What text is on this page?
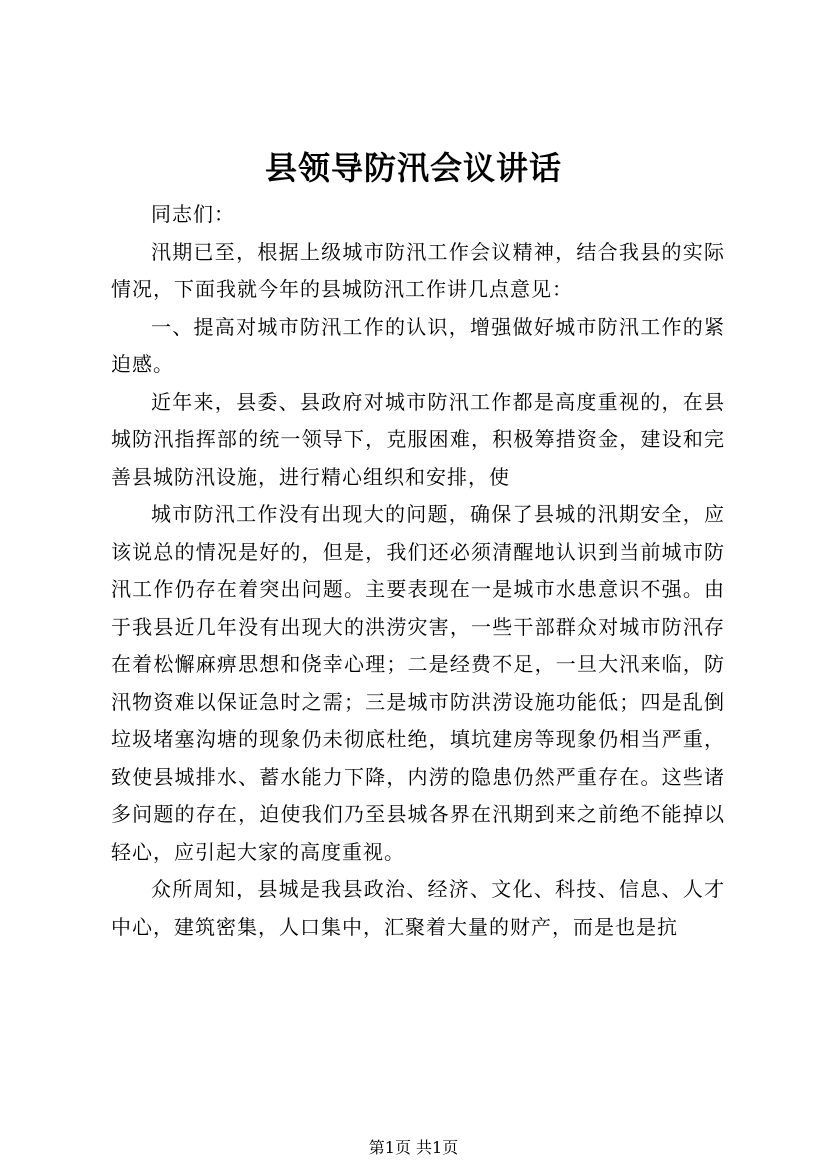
县领导防汛会议讲话

同志们：

汛期已至，根据上级城市防汛工作会议精神，结合我县的实际情况，下面我就今年的县城防汛工作讲几点意见：

一、提高对城市防汛工作的认识，增强做好城市防汛工作的紧迫感。

近年来，县委、县政府对城市防汛工作都是高度重视的，在县城防汛指挥部的统一领导下，克服困难，积极筹措资金，建设和完善县城防汛设施，进行精心组织和安排，使

城市防汛工作没有出现大的问题，确保了县城的汛期安全，应该说总的情况是好的，但是，我们还必须清醒地认识到当前城市防汛工作仍存在着突出问题。主要表现在一是城市水患意识不强。由于我县近几年没有出现大的洪涝灾害，一些干部群众对城市防汛存在着松懈麻痹思想和侥幸心理；二是经费不足，一旦大汛来临，防汛物资难以保证急时之需；三是城市防洪涝设施功能低；四是乱倒垃圾堵塞沟塘的现象仍未彻底杜绝，填坑建房等现象仍相当严重，致使县城排水、蓄水能力下降，内涝的隐患仍然严重存在。这些诸多问题的存在，迫使我们乃至县城各界在汛期到来之前绝不能掉以轻心，应引起大家的高度重视。

众所周知，县城是我县政治、经济、文化、科技、信息、人才中心，建筑密集，人口集中，汇聚着大量的财产，而是也是抗

第1页 共1页
